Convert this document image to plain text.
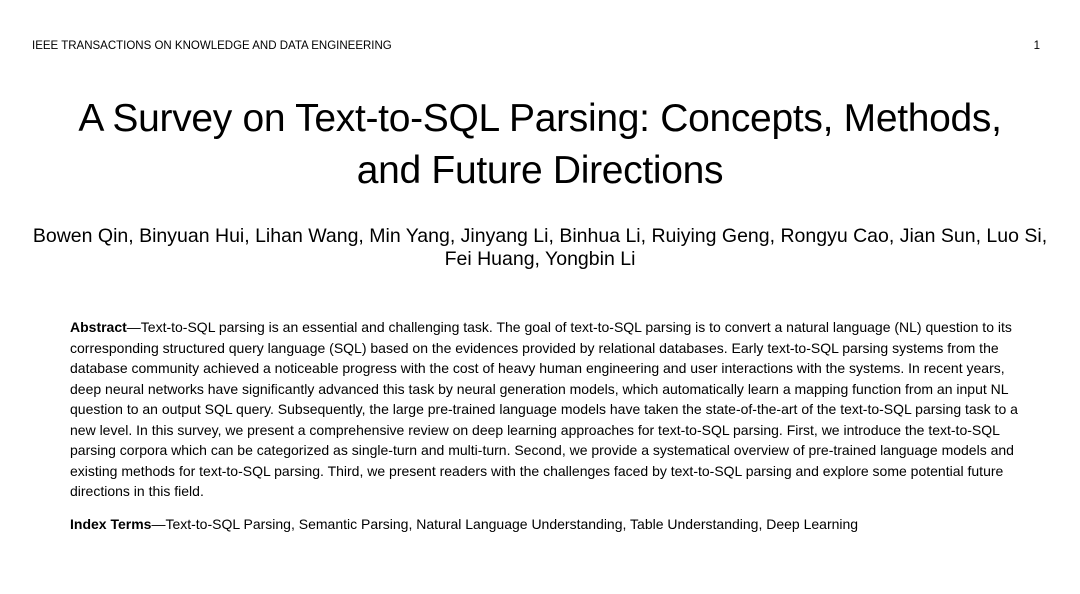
IEEE TRANSACTIONS ON KNOWLEDGE AND DATA ENGINEERING	1
A Survey on Text-to-SQL Parsing: Concepts, Methods, and Future Directions

Bowen Qin, Binyuan Hui, Lihan Wang, Min Yang, Jinyang Li, Binhua Li, Ruiying Geng, Rongyu Cao, Jian Sun, Luo Si, Fei Huang, Yongbin Li

Abstract—Text-to-SQL parsing is an essential and challenging task. The goal of text-to-SQL parsing is to convert a natural language (NL) question to its corresponding structured query language (SQL) based on the evidences provided by relational databases. Early text-to-SQL parsing systems from the database community achieved a noticeable progress with the cost of heavy human engineering and user interactions with the systems. In recent years, deep neural networks have significantly advanced this task by neural generation models, which automatically learn a mapping function from an input NL question to an output SQL query. Subsequently, the large pre-trained language models have taken the state-of-the-art of the text-to-SQL parsing task to a new level. In this survey, we present a comprehensive review on deep learning approaches for text-to-SQL parsing. First, we introduce the text-to-SQL parsing corpora which can be categorized as single-turn and multi-turn. Second, we provide a systematical overview of pre-trained language models and existing methods for text-to-SQL parsing. Third, we present readers with the challenges faced by text-to-SQL parsing and explore some potential future directions in this field.

Index Terms—Text-to-SQL Parsing, Semantic Parsing, Natural Language Understanding, Table Understanding, Deep Learning
